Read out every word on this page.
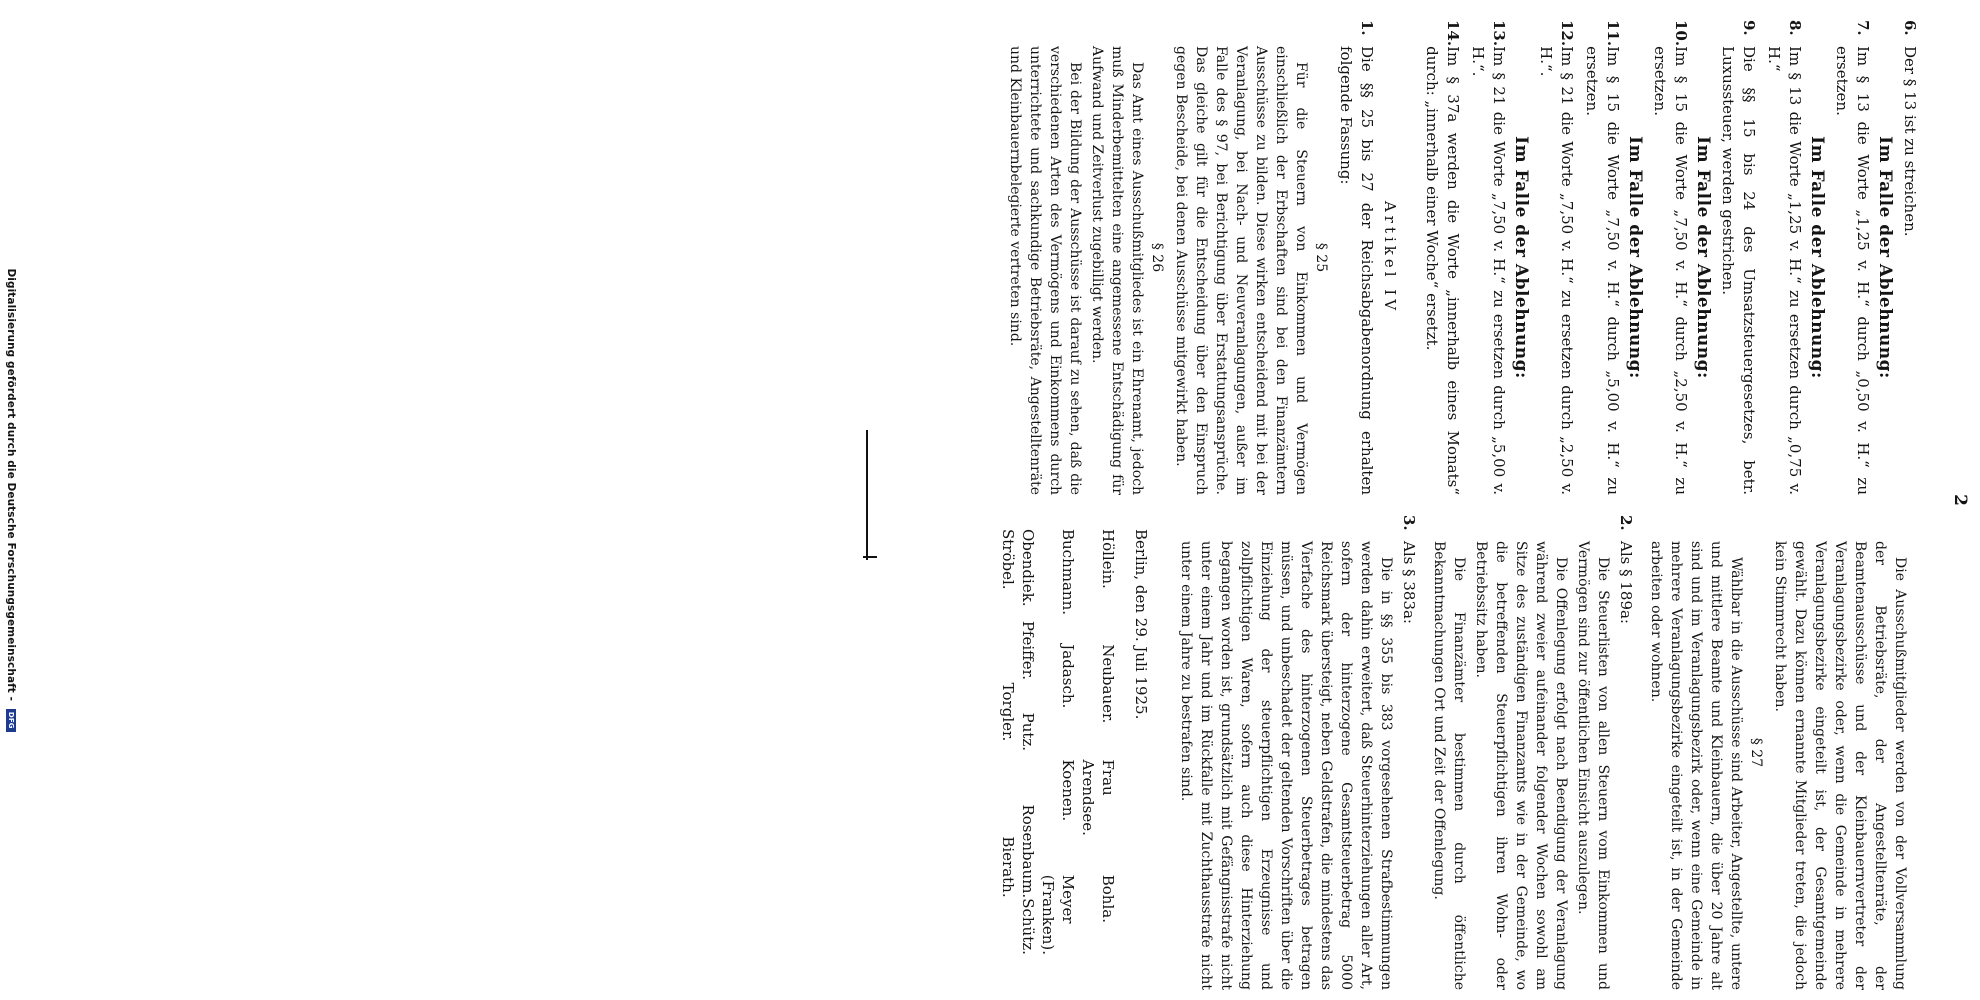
Digitalisierung gefördert durch die Deutsche Forschungsgemeinschaft - DFG
2
6.
Der § 13 ist zu streichen.
Im Falle der Ablehnung:
7.
Im § 13 die Worte „1,25 v. H.“ durch „0,50 v. H.“ zu ersetzen.
Im Falle der Ablehnung:
8.
Im § 13 die Worte „1,25 v. H.“ zu ersetzen durch „0,75 v. H.“
9.
Die §§ 15 bis 24 des Umsatzsteuergesetzes, betr. Luxussteuer, werden gestrichen.
Im Falle der Ablehnung:
10.
Im § 15 die Worte „7,50 v. H.“ durch „2,50 v. H.“ zu ersetzen.
Im Falle der Ablehnung:
11.
Im § 15 die Worte „7,50 v. H.“ durch „5,00 v. H.“ zu ersetzen.
12.
Im § 21 die Worte „7,50 v. H.“ zu ersetzen durch „2,50 v. H.“.
Im Falle der Ablehnung:
13.
Im § 21 die Worte „7,50 v. H.“ zu ersetzen durch „5,00 v. H.“.
14.
Im § 37a werden die Worte „innerhalb eines Monats“ durch: „innerhalb einer Woche“ ersetzt.
Artikel IV
1.
Die §§ 25 bis 27 der Reichsabgabenordnung erhalten folgende Fassung:
§ 25
Für die Steuern von Einkommen und Vermögen einschließlich der Erbschaften sind bei den Finanzämtern Ausschüsse zu bilden. Diese wirken entscheidend mit bei der Veranlagung, bei Nach- und Neuveranlagungen, außer im Falle des § 97, bei Berichtigung über Erstattungsansprüche. Das gleiche gilt für die Entscheidung über den Einspruch gegen Bescheide, bei denen Ausschüsse mitgewirkt haben.
§ 26
Das Amt eines Ausschußmitgliedes ist ein Ehrenamt, jedoch muß Minderbemittelten eine angemessene Entschädigung für Aufwand und Zeitverlust zugebilligt werden.
Bei der Bildung der Ausschüsse ist darauf zu sehen, daß die verschiedenen Arten des Vermögens und Einkommens durch unterrichtete und sachkundige Betriebsräte, Angestelltenräte und Kleinbauernbelegierte vertreten sind.
Die Ausschußmitglieder werden von der Vollversammlung der Betriebsräte, der Angestelltenräte, der Beamtenausschüsse und der Kleinbauernvertreter der Veranlagungsbezirke oder, wenn die Gemeinde in mehrere Veranlagungsbezirke eingeteilt ist, der Gesamtgemeinde gewählt. Dazu können ernannte Mitglieder treten, die jedoch kein Stimmrecht haben.
§ 27
Wählbar in die Ausschüsse sind Arbeiter, Angestellte, untere und mittlere Beamte und Kleinbauern, die über 20 Jahre alt sind und im Veranlagungsbezirk oder, wenn eine Gemeinde in mehrere Veranlagungsbezirke eingeteilt ist, in der Gemeinde arbeiten oder wohnen.
2.
Als § 189a:
Die Steuerlisten von allen Steuern vom Einkommen und Vermögen sind zur öffentlichen Einsicht auszulegen.
Die Offenlegung erfolgt nach Beendigung der Veranlagung während zweier aufeinander folgender Wochen sowohl am Sitze des zuständigen Finanzamts wie in der Gemeinde, wo die betreffenden Steuerpflichtigen ihren Wohn- oder Betriebssitz haben.
Die Finanzämter bestimmen durch öffentliche Bekanntmachungen Ort und Zeit der Offenlegung.
3.
Als § 383a:
Die in §§ 355 bis 383 vorgesehenen Strafbestimmungen werden dahin erweitert, daß Steuerhinterziehungen aller Art, sofern der hinterzogene Gesamtsteuerbetrag 5000 Reichsmark übersteigt, neben Geldstrafen, die mindestens das Vierfache des hinterzogenen Steuerbetrages betragen müssen, und unbeschadet der geltenden Vorschriften über die Einziehung der steuerpflichtigen Erzeugnisse und zollpflichtigen Waren, sofern auch diese Hinterziehung begangen worden ist, grundsätzlich mit Gefängnisstrafe nicht unter einem Jahr und im Rückfalle mit Zuchthausstrafe nicht unter einem Jahre zu bestrafen sind.
Berlin, den 29. Juli 1925.
Höllein.
Neubauer.
Frau Arendsee.
Bohla.
Buchmann.
Jadasch.
Koenen.
Meyer (Franken).
Obendiek.
Pfeiffer.
Putz.
Rosenbaum.
Schütz.
Ströbel.
Torgler.
Bierath.
